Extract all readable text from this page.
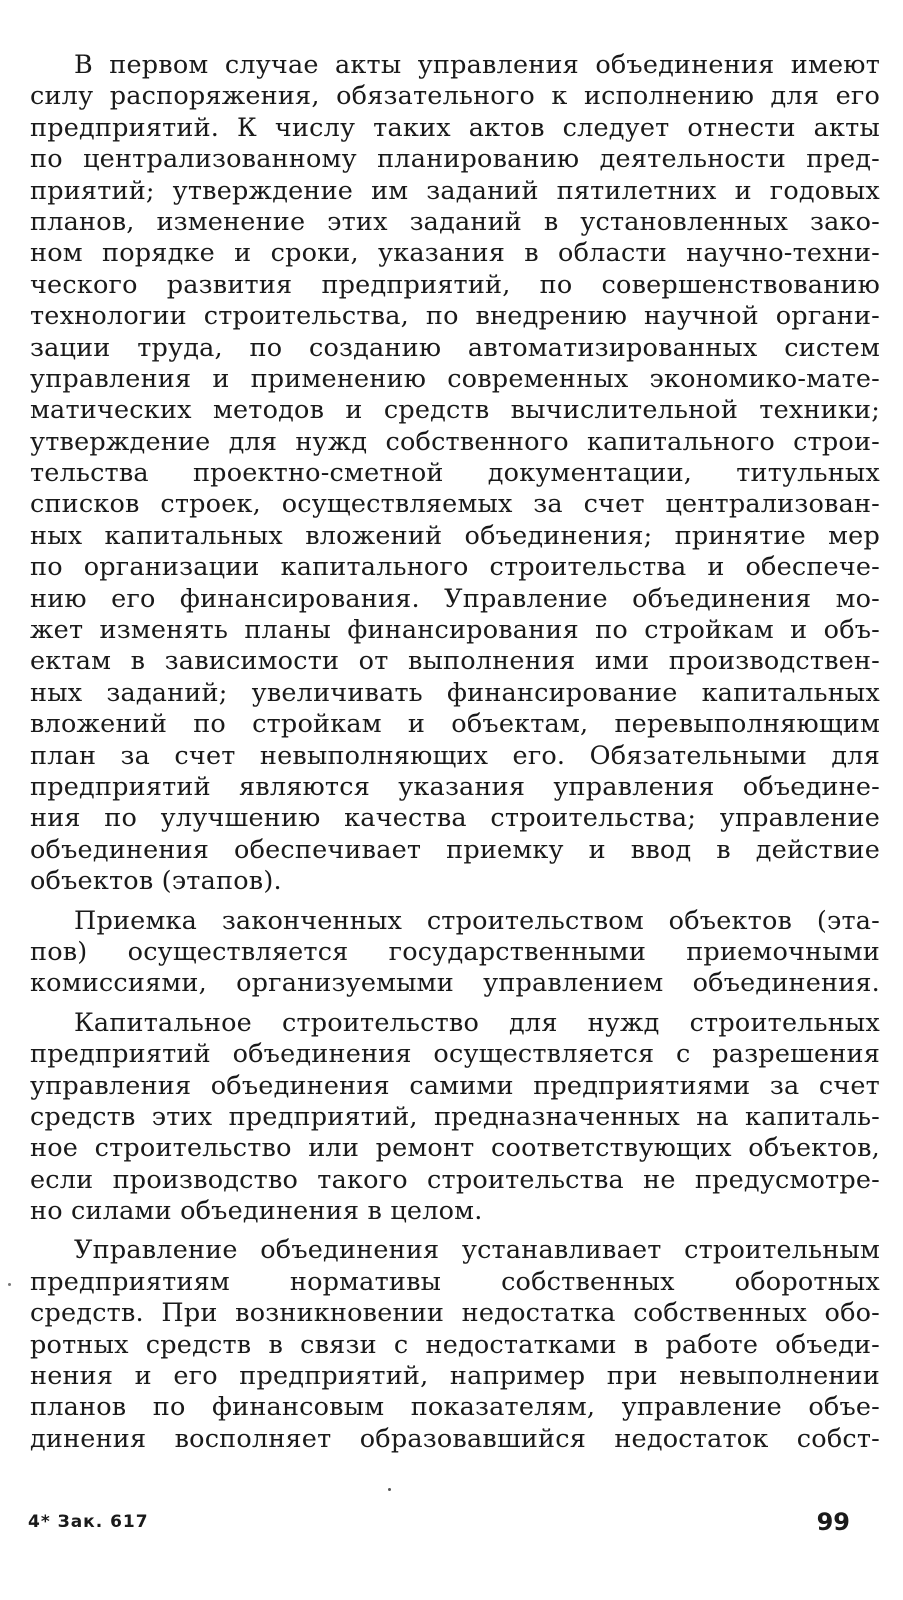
В первом случае акты управления объединения имеют
силу распоряжения, обязательного к исполнению для его
предприятий. К числу таких актов следует отнести акты
по централизованному планированию деятельности пред-
приятий; утверждение им заданий пятилетних и годовых
планов, изменение этих заданий в установленных зако-
ном порядке и сроки, указания в области научно-техни-
ческого развития предприятий, по совершенствованию
технологии строительства, по внедрению научной органи-
зации труда, по созданию автоматизированных систем
управления и применению современных экономико-мате-
матических методов и средств вычислительной техники;
утверждение для нужд собственного капитального строи-
тельства проектно-сметной документации, титульных
списков строек, осуществляемых за счет централизован-
ных капитальных вложений объединения; принятие мер
по организации капитального строительства и обеспече-
нию его финансирования. Управление объединения мо-
жет изменять планы финансирования по стройкам и объ-
ектам в зависимости от выполнения ими производствен-
ных заданий; увеличивать финансирование капитальных
вложений по стройкам и объектам, перевыполняющим
план за счет невыполняющих его. Обязательными для
предприятий являются указания управления объедине-
ния по улучшению качества строительства; управление
объединения обеспечивает приемку и ввод в действие
объектов (этапов).
Приемка законченных строительством объектов (эта-
пов) осуществляется государственными приемочными
комиссиями, организуемыми управлением объединения.
Капитальное строительство для нужд строительных
предприятий объединения осуществляется с разрешения
управления объединения самими предприятиями за счет
средств этих предприятий, предназначенных на капиталь-
ное строительство или ремонт соответствующих объектов,
если производство такого строительства не предусмотре-
но силами объединения в целом.
Управление объединения устанавливает строительным
предприятиям нормативы собственных оборотных
средств. При возникновении недостатка собственных обо-
ротных средств в связи с недостатками в работе объеди-
нения и его предприятий, например при невыполнении
планов по финансовым показателям, управление объе-
динения восполняет образовавшийся недостаток собст-
4* Зак. 617	99
